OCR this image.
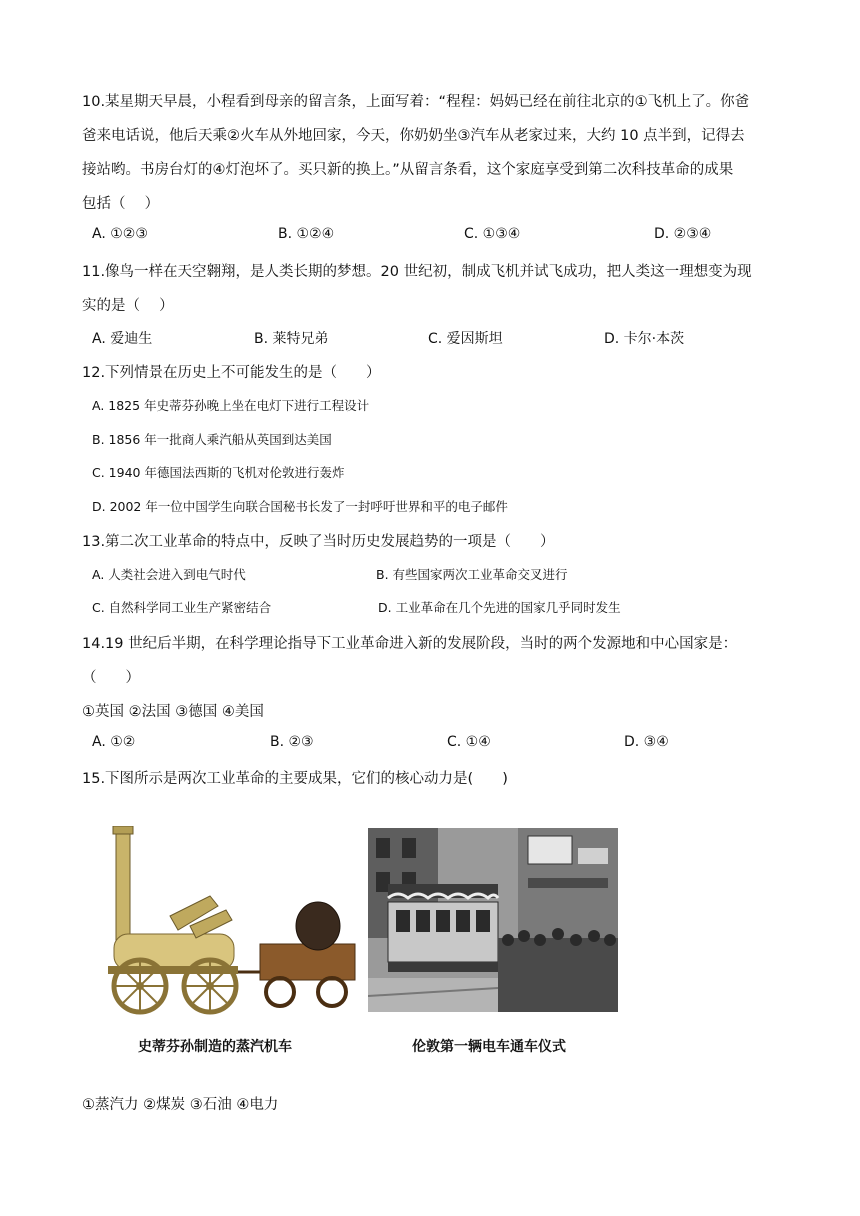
10.某星期天早晨，小程看到母亲的留言条，上面写着：“程程：妈妈已经在前往北京的①飞机上了。你爸
爸来电话说，他后天乘②火车从外地回家，今天，你奶奶坐③汽车从老家过来，大约 10 点半到，记得去
接站哟。书房台灯的④灯泡坏了。买只新的换上。”从留言条看，这个家庭享受到第二次科技革命的成果
包括（　 ）
A. ①②③	B. ①②④	C. ①③④	D. ②③④
11.像鸟一样在天空翱翔，是人类长期的梦想。20 世纪初，制成飞机并试飞成功，把人类这一理想变为现
实的是（　 ）
A. 爱迪生	B. 莱特兄弟	C. 爱因斯坦	D. 卡尔·本茨
12.下列情景在历史上不可能发生的是（　　）
A. 1825 年史蒂芬孙晚上坐在电灯下进行工程设计
B. 1856 年一批商人乘汽船从英国到达美国
C. 1940 年德国法西斯的飞机对伦敦进行轰炸
D. 2002 年一位中国学生向联合国秘书长发了一封呼吁世界和平的电子邮件
13.第二次工业革命的特点中，反映了当时历史发展趋势的一项是（　　）
A. 人类社会进入到电气时代	B. 有些国家两次工业革命交叉进行
C. 自然科学同工业生产紧密结合	D. 工业革命在几个先进的国家几乎同时发生
14.19 世纪后半期，在科学理论指导下工业革命进入新的发展阶段，当时的两个发源地和中心国家是：
（　　）
①英国 ②法国 ③德国 ④美国
A. ①②	B. ②③	C. ①④	D. ③④
15.下图所示是两次工业革命的主要成果，它们的核心动力是(　　)
史蒂芬孙制造的蒸汽机车	伦敦第一辆电车通车仪式
①蒸汽力 ②煤炭 ③石油 ④电力
